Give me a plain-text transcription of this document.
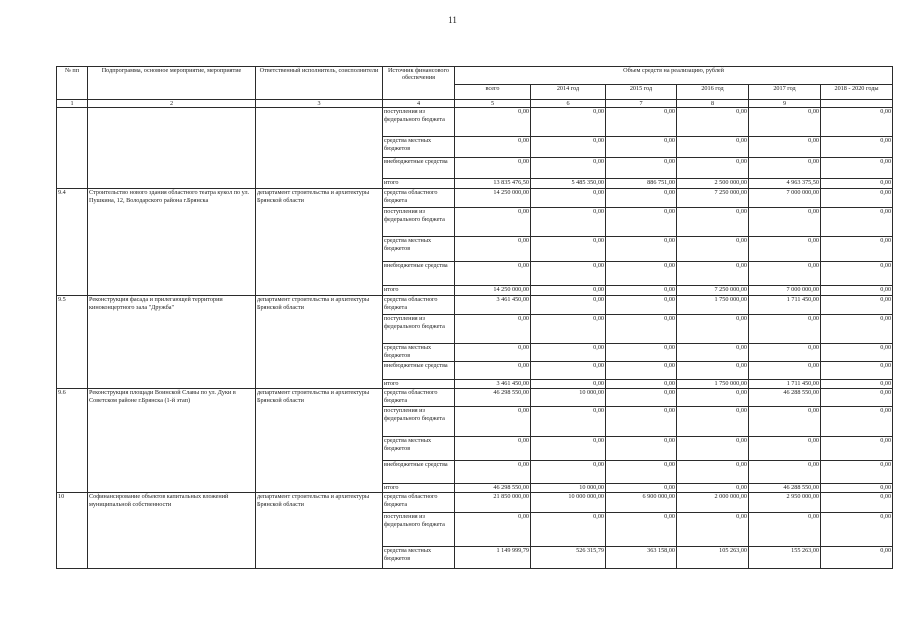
11
№ пп	Подпрограмма, основное мероприятие, мероприятие	Ответственный исполнитель, соисполнители	Источник финансового обеспечения	Объем средств на реализацию, рублей					
				всего	2014 год	2015 год	2016 год	2017 год	2018 - 2020 годы
1	2	3	4	5	6	7	8	9	
			поступления из федерального бюджета	0,00	0,00	0,00	0,00	0,00	0,00
			средства местных бюджетов	0,00	0,00	0,00	0,00	0,00	0,00
			внебюджетные средства	0,00	0,00	0,00	0,00	0,00	0,00
			итого	13 835 476,50	5 485 350,00	886 751,00	2 500 000,00	4 963 375,50	0,00
9.4	Строительство нового здания областного театра кукол по ул. Пушкина, 12, Володарского района г.Брянска	департамент строительства и архитектуры Брянской области	средства областного бюджета	14 250 000,00	0,00	0,00	7 250 000,00	7 000 000,00	0,00
			поступления из федерального бюджета	0,00	0,00	0,00	0,00	0,00	0,00
			средства местных бюджетов	0,00	0,00	0,00	0,00	0,00	0,00
			внебюджетные средства	0,00	0,00	0,00	0,00	0,00	0,00
			итого	14 250 000,00	0,00	0,00	7 250 000,00	7 000 000,00	0,00
9.5	Реконструкция фасада и прилегающей территории киноконцертного зала "Дружба"	департамент строительства и архитектуры Брянской области	средства областного бюджета	3 461 450,00	0,00	0,00	1 750 000,00	1 711 450,00	0,00
			поступления из федерального бюджета	0,00	0,00	0,00	0,00	0,00	0,00
			средства местных бюджетов	0,00	0,00	0,00	0,00	0,00	0,00
			внебюджетные средства	0,00	0,00	0,00	0,00	0,00	0,00
			итого	3 461 450,00	0,00	0,00	1 750 000,00	1 711 450,00	0,00
9.6	Реконструкция площади Воинской Славы по ул. Дуки в Советском районе г.Брянска (1-й этап)	департамент строительства и архитектуры Брянской области	средства областного бюджета	46 298 550,00	10 000,00	0,00	0,00	46 288 550,00	0,00
			поступления из федерального бюджета	0,00	0,00	0,00	0,00	0,00	0,00
			средства местных бюджетов	0,00	0,00	0,00	0,00	0,00	0,00
			внебюджетные средства	0,00	0,00	0,00	0,00	0,00	0,00
			итого	46 298 550,00	10 000,00	0,00	0,00	46 288 550,00	0,00
10	Софинансирование объектов капитальных вложений муниципальной собственности	департамент строительства и архитектуры Брянской области	средства областного бюджета	21 850 000,00	10 000 000,00	6 900 000,00	2 000 000,00	2 950 000,00	0,00
			поступления из федерального бюджета	0,00	0,00	0,00	0,00	0,00	0,00
			средства местных бюджетов	1 149 999,79	526 315,79	363 158,00	105 263,00	155 263,00	0,00
